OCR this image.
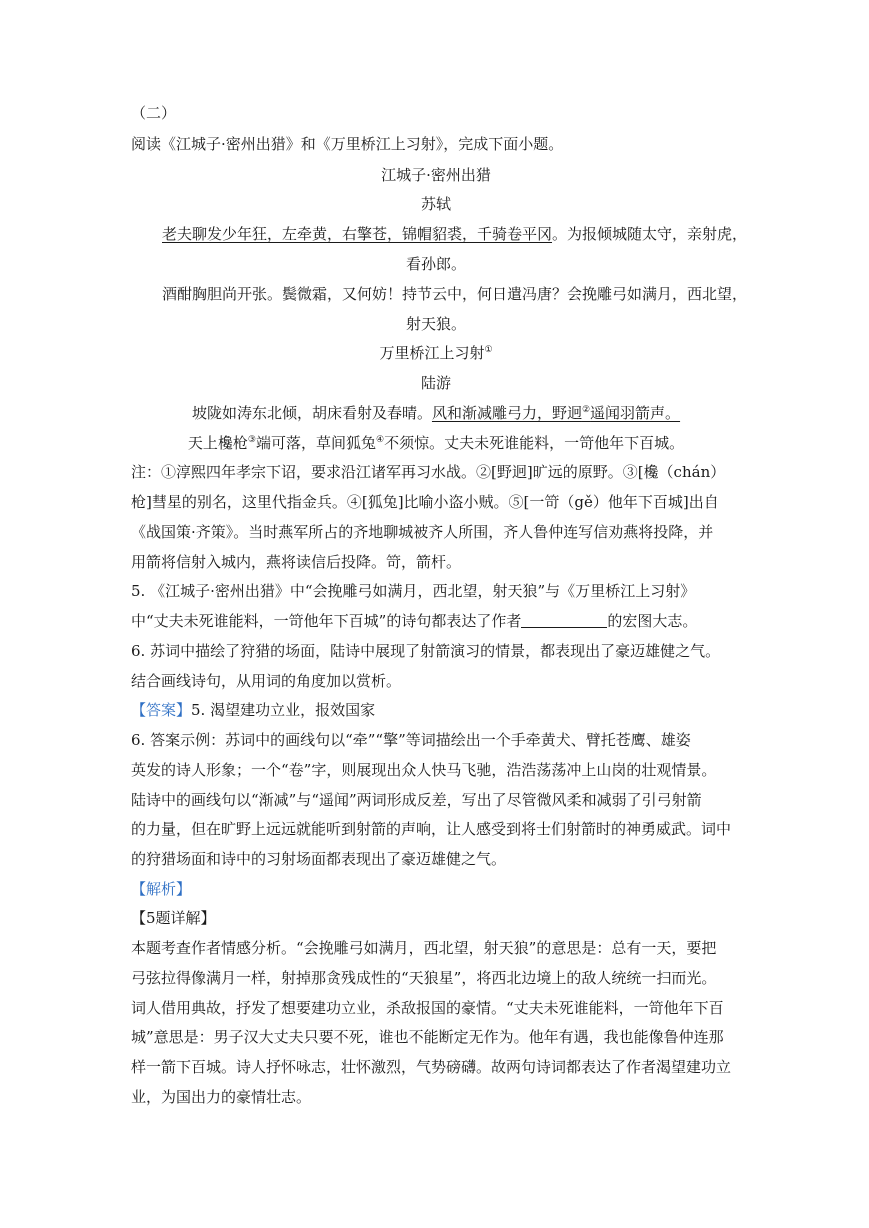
（二）
阅读《江城子·密州出猎》和《万里桥江上习射》，完成下面小题。
江城子·密州出猎
苏轼
老夫聊发少年狂，左牵黄，右擎苍，锦帽貂裘，千骑卷平冈。为报倾城随太守，亲射虎，
看孙郎。
酒酣胸胆尚开张。鬓微霜，又何妨！持节云中，何日遣冯唐？会挽雕弓如满月，西北望，
射天狼。
万里桥江上习射①
陆游
坡陇如涛东北倾，胡床看射及春晴。风和渐减雕弓力，野迥②遥闻羽箭声。
天上欃枪③端可落，草间狐兔④不须惊。丈夫未死谁能料，一笴他年下百城。
注：①淳熙四年孝宗下诏，要求沿江诸军再习水战。②[野迥]旷远的原野。③[欃（chán）
枪]彗星的别名，这里代指金兵。④[狐兔]比喻小盗小贼。⑤[一笴（gě）他年下百城]出自
《战国策·齐策》。当时燕军所占的齐地聊城被齐人所围，齐人鲁仲连写信劝燕将投降，并
用箭将信射入城内，燕将读信后投降。笴，箭杆。
5. 《江城子·密州出猎》中“会挽雕弓如满月，西北望，射天狼”与《万里桥江上习射》
中“丈夫未死谁能料，一笴他年下百城”的诗句都表达了作者	的宏图大志。
6. 苏词中描绘了狩猎的场面，陆诗中展现了射箭演习的情景，都表现出了豪迈雄健之气。
结合画线诗句，从用词的角度加以赏析。
【答案】5. 渴望建功立业，报效国家
6. 答案示例：苏词中的画线句以“牵”“擎”等词描绘出一个手牵黄犬、臂托苍鹰、雄姿
英发的诗人形象；一个“卷”字，则展现出众人快马飞驰，浩浩荡荡冲上山岗的壮观情景。
陆诗中的画线句以“渐减”与“遥闻”两词形成反差，写出了尽管微风柔和减弱了引弓射箭
的力量，但在旷野上远远就能听到射箭的声响，让人感受到将士们射箭时的神勇威武。词中
的狩猎场面和诗中的习射场面都表现出了豪迈雄健之气。
【解析】
【5题详解】
本题考查作者情感分析。“会挽雕弓如满月，西北望，射天狼”的意思是：总有一天，要把
弓弦拉得像满月一样，射掉那贪残成性的“天狼星”，将西北边境上的敌人统统一扫而光。
词人借用典故，抒发了想要建功立业，杀敌报国的豪情。“丈夫未死谁能料，一笴他年下百
城”意思是：男子汉大丈夫只要不死，谁也不能断定无作为。他年有遇，我也能像鲁仲连那
样一箭下百城。诗人抒怀咏志，壮怀激烈，气势磅礴。故两句诗词都表达了作者渴望建功立
业，为国出力的豪情壮志。
